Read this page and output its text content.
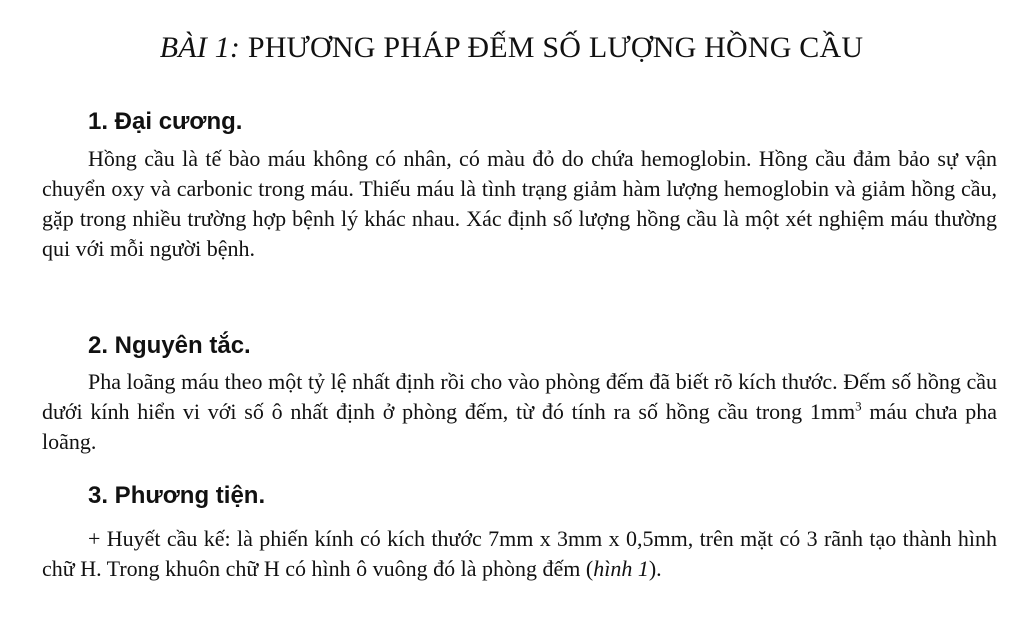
BÀI 1: PHƯƠNG PHÁP ĐẾM SỐ LƯỢNG HỒNG CẦU
1. Đại cương.
Hồng cầu là tế bào máu không có nhân, có màu đỏ do chứa hemoglobin. Hồng cầu đảm bảo sự vận chuyển oxy và carbonic trong máu. Thiếu máu là tình trạng giảm hàm lượng hemoglobin và giảm hồng cầu, gặp trong nhiều trường hợp bệnh lý khác nhau. Xác định số lượng hồng cầu là một xét nghiệm máu thường qui với mỗi người bệnh.
2. Nguyên tắc.
Pha loãng máu theo một tỷ lệ nhất định rồi cho vào phòng đếm đã biết rõ kích thước. Đếm số hồng cầu dưới kính hiển vi với số ô nhất định ở phòng đếm, từ đó tính ra số hồng cầu trong $1mm^3$ máu chưa pha loãng.
3. Phương tiện.
+ Huyết cầu kế: là phiến kính có kích thước 7mm x 3mm x 0,5mm, trên mặt có 3 rãnh tạo thành hình chữ H. Trong khuôn chữ H có hình ô vuông đó là phòng đếm (hình 1).
